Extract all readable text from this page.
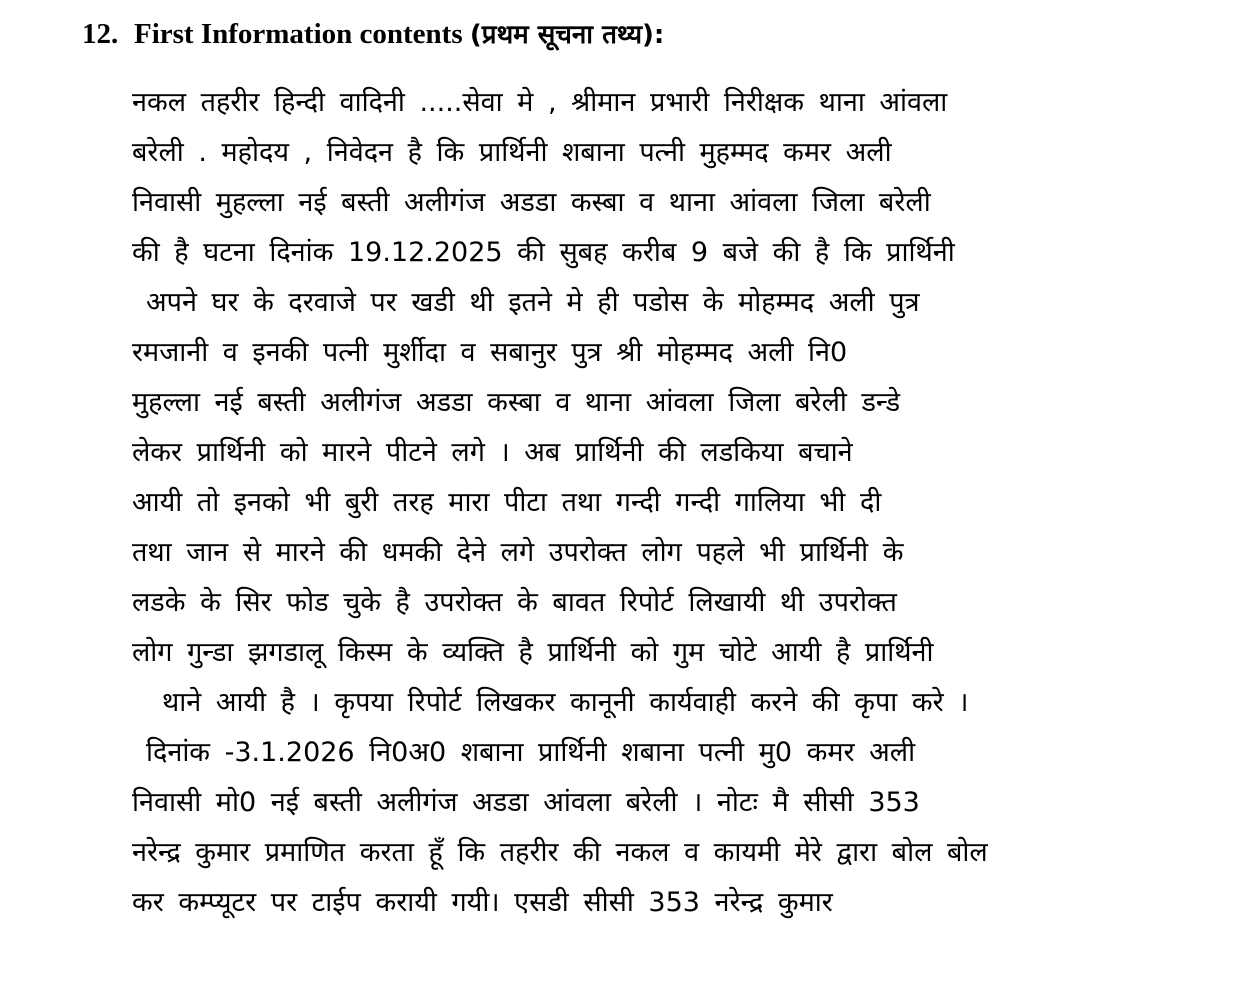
12. First Information contents (प्रथम सूचना तथ्य):
नकल तहरीर हिन्दी वादिनी .....सेवा मे , श्रीमान प्रभारी निरीक्षक थाना आंवला
बरेली . महोदय , निवेदन है कि प्रार्थिनी शबाना पत्नी मुहम्मद कमर अली
निवासी मुहल्ला नई बस्ती अलीगंज अडडा कस्बा व थाना आंवला जिला बरेली
की है घटना दिनांक 19.12.2025 की सुबह करीब 9 बजे की है कि प्रार्थिनी
अपने घर के दरवाजे पर खडी थी इतने मे ही पडोस के मोहम्मद अली पुत्र
रमजानी व इनकी पत्नी मुर्शीदा व सबानुर पुत्र श्री मोहम्मद अली नि0
मुहल्ला नई बस्ती अलीगंज अडडा कस्बा व थाना आंवला जिला बरेली डन्डे
लेकर प्रार्थिनी को मारने पीटने लगे । अब प्रार्थिनी की लडकिया बचाने
आयी तो इनको भी बुरी तरह मारा पीटा तथा गन्दी गन्दी गालिया भी दी
तथा जान से मारने की धमकी देने लगे उपरोक्त लोग पहले भी प्रार्थिनी के
लडके के सिर फोड चुके है उपरोक्त के बावत रिपोर्ट लिखायी थी उपरोक्त
लोग गुन्डा झगडालू किस्म के व्यक्ति है प्रार्थिनी को गुम चोटे आयी है प्रार्थिनी
थाने आयी है । कृपया रिपोर्ट लिखकर कानूनी कार्यवाही करने की कृपा करे ।
दिनांक -3.1.2026 नि0अ0 शबाना प्रार्थिनी शबाना पत्नी मु0 कमर अली
निवासी मो0 नई बस्ती अलीगंज अडडा आंवला बरेली । नोटः मै सीसी 353
नरेन्द्र कुमार प्रमाणित करता हूँ कि तहरीर की नकल व कायमी मेरे द्वारा बोल बोल
कर कम्प्यूटर पर टाईप करायी गयी। एसडी सीसी 353 नरेन्द्र कुमार
